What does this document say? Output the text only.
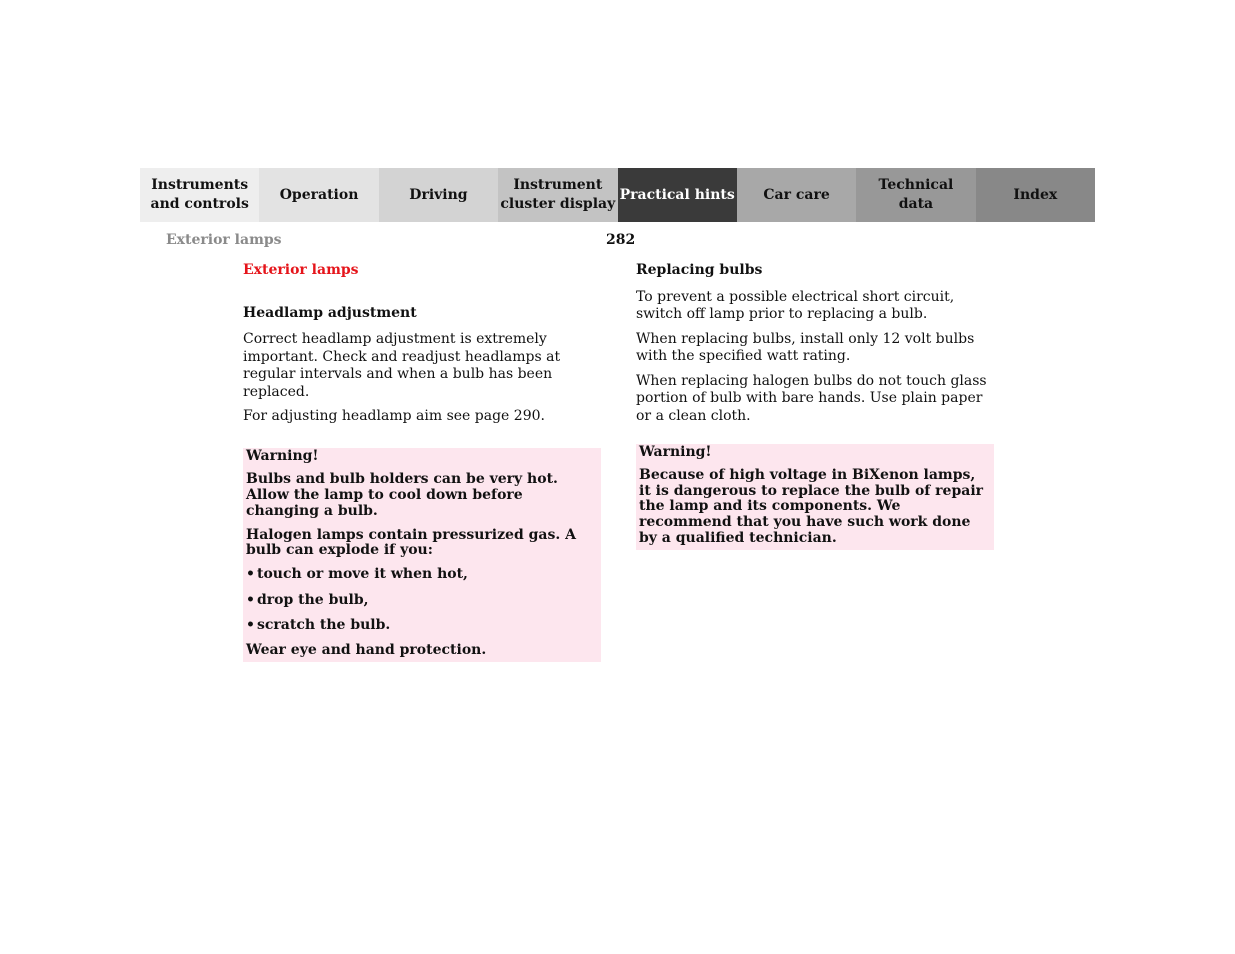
Instruments
and controls
Operation	Driving
Instrument
cluster display
Practical hints Car care
Technical
data
Index
Exterior lamps	282
Exterior lamps
Headlamp adjustment
Correct headlamp adjustment is extremely important. Check and readjust headlamps at regular intervals and when a bulb has been replaced.
For adjusting headlamp aim see page 290.
Warning!
Bulbs and bulb holders can be very hot. Allow the lamp to cool down before changing a bulb.
Halogen lamps contain pressurized gas. A bulb can explode if you:
• touch or move it when hot,
• drop the bulb,
• scratch the bulb.
Wear eye and hand protection.
Replacing bulbs
To prevent a possible electrical short circuit, switch off lamp prior to replacing a bulb.
When replacing bulbs, install only 12 volt bulbs with the specified watt rating.
When replacing halogen bulbs do not touch glass portion of bulb with bare hands. Use plain paper or a clean cloth.
Warning!
Because of high voltage in BiXenon lamps, it is dangerous to replace the bulb of repair the lamp and its components. We recommend that you have such work done by a qualified technician.
